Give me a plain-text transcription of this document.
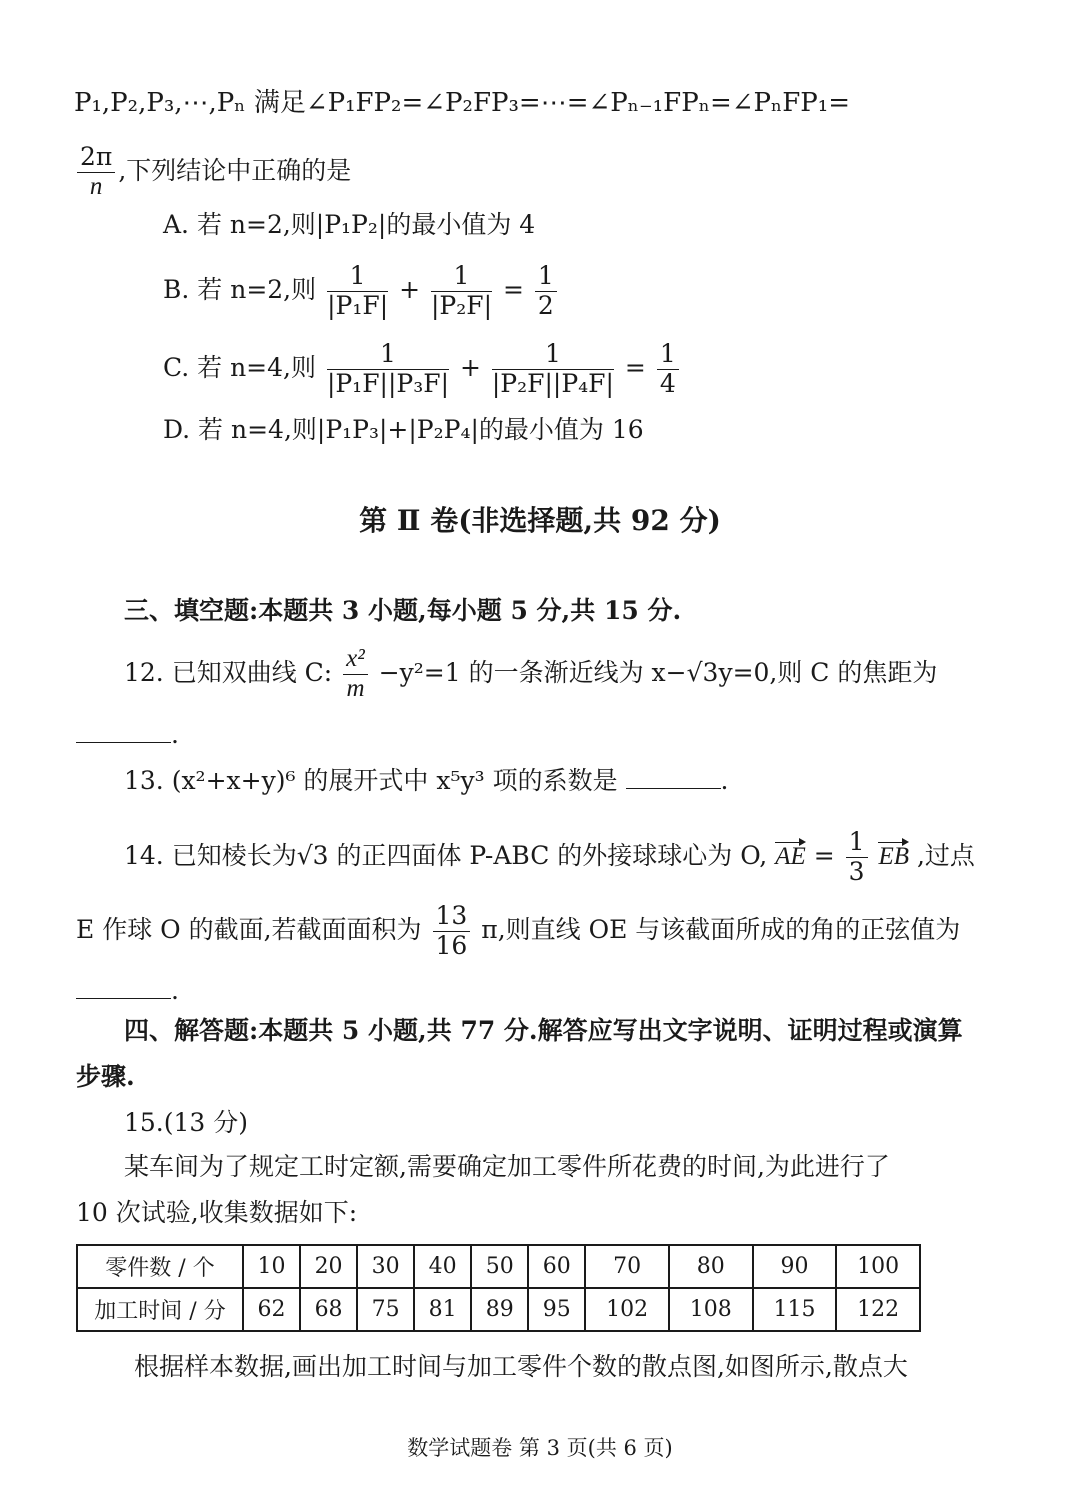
P₁,P₂,P₃,⋯,Pₙ 满足∠P₁FP₂=∠P₂FP₃=⋯=∠Pₙ₋₁FPₙ=∠PₙFP₁=
$\frac{2\pi}{n}$ ,下列结论中正确的是
A. 若 n=2,则|P₁P₂|的最小值为 4
B. 若 n=2,则 $\frac{1}{\text{|P₁F|}} + \frac{1}{\text{|P₂F|}} = \frac{1}{2}$
C. 若 n=4,则 $\frac{1}{\text{|P₁F||P₃F|}} + \frac{1}{\text{|P₂F||P₄F|}} = \frac{1}{4}$
D. 若 n=4,则|P₁P₃|+|P₂P₄|的最小值为 16
第 Ⅱ 卷(非选择题,共 92 分)
三、填空题:本题共 3 小题,每小题 5 分,共 15 分.
12. 已知双曲线 C: $\frac{\text{x²}}{m} -y^2=1$ 的一条渐近线为 x−√3y=0,则 C 的焦距为
.
13. (x²+x+y)⁶ 的展开式中 x⁵y³ 项的系数是	.
14. 已知棱长为√3 的正四面体 P-ABC 的外接球球心为 O, AE = $\frac{1}{3}$ EB ,过点
E 作球 O 的截面,若截面面积为 $\frac{13}{16} \pi$,则直线 OE 与该截面所成的角的正弦值为
.
四、解答题:本题共 5 小题,共 77 分.解答应写出文字说明、证明过程或演算
步骤.
15.(13 分)
某车间为了规定工时定额,需要确定加工零件所花费的时间,为此进行了
10 次试验,收集数据如下:
零件数 / 个	10	20	30	40	50	60	70	80	90	100
加工时间 / 分	62	68	75	81	89	95	102	108	115	122
根据样本数据,画出加工时间与加工零件个数的散点图,如图所示,散点大
数学试题卷 第 3 页(共 6 页)
